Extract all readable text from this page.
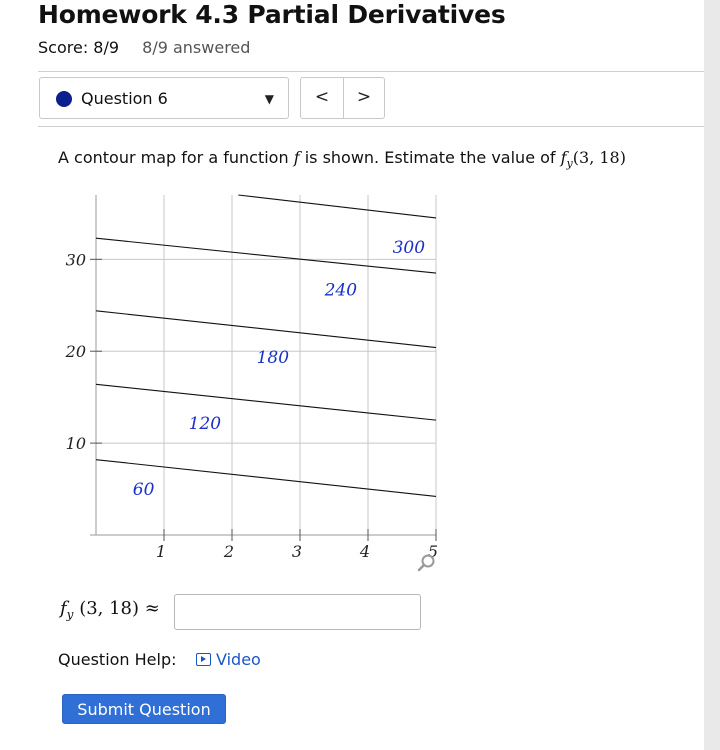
Homework 4.3 Partial Derivatives
Score: 8/9 8/9 answered
Question 6	▼	<	>
A contour map for a function f is shown. Estimate the value of $f_y(3$, 18)
1	2	3	4	5
10
20
30
60
120
180
240
300
$f_y$ (3, 18) ≈
Question Help:	Video
Submit Question
